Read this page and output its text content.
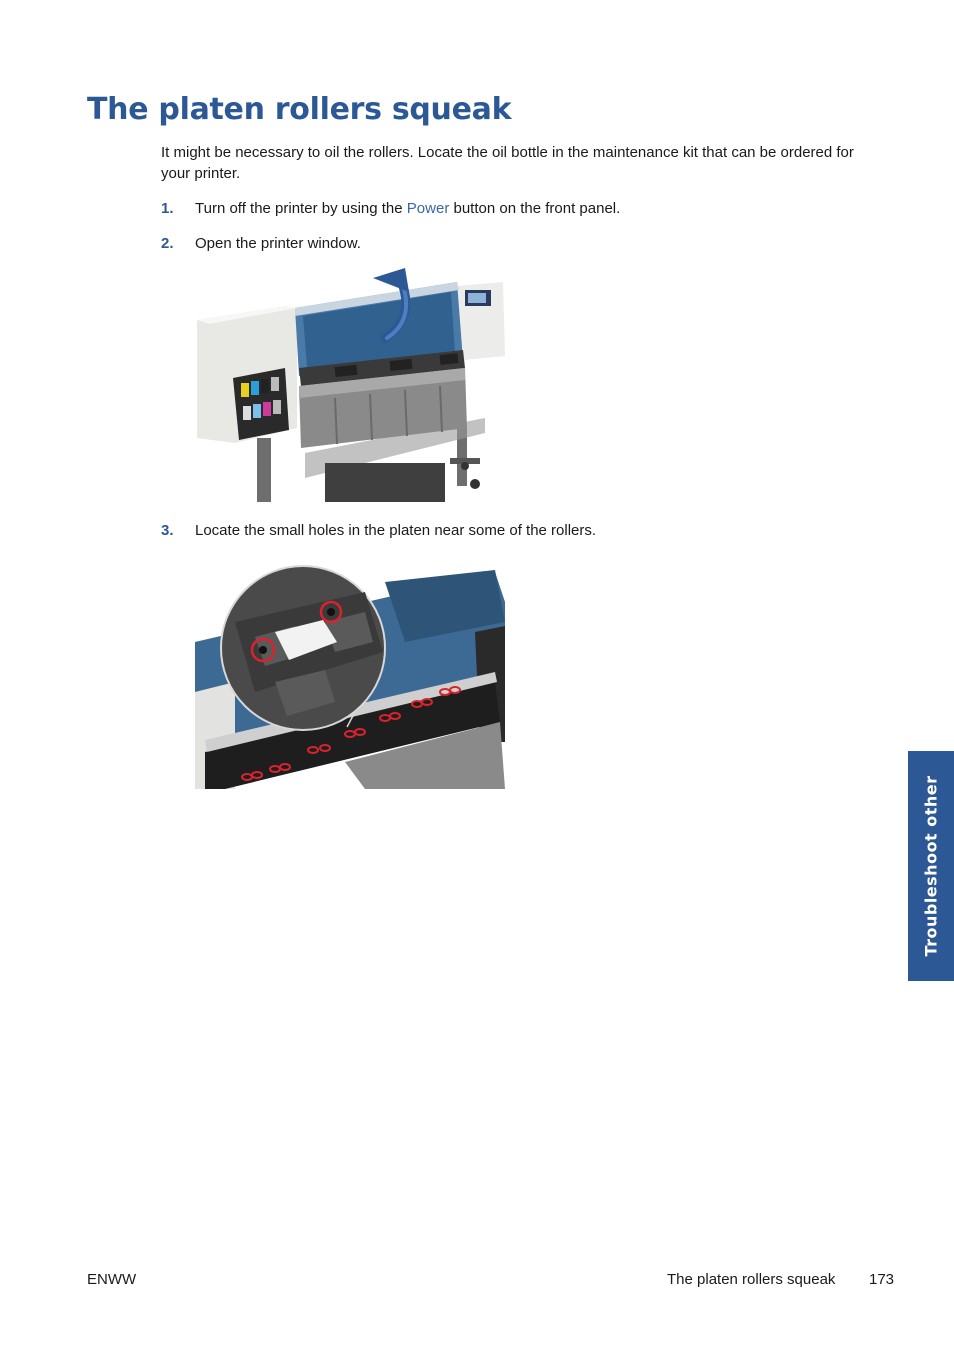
The platen rollers squeak

It might be necessary to oil the rollers. Locate the oil bottle in the maintenance kit that can be ordered for your printer.

1. Turn off the printer by using the Power button on the front panel.
2. Open the printer window.
3. Locate the small holes in the platen near some of the rollers.
Troubleshoot other
ENWW	The platen rollers squeak 173
